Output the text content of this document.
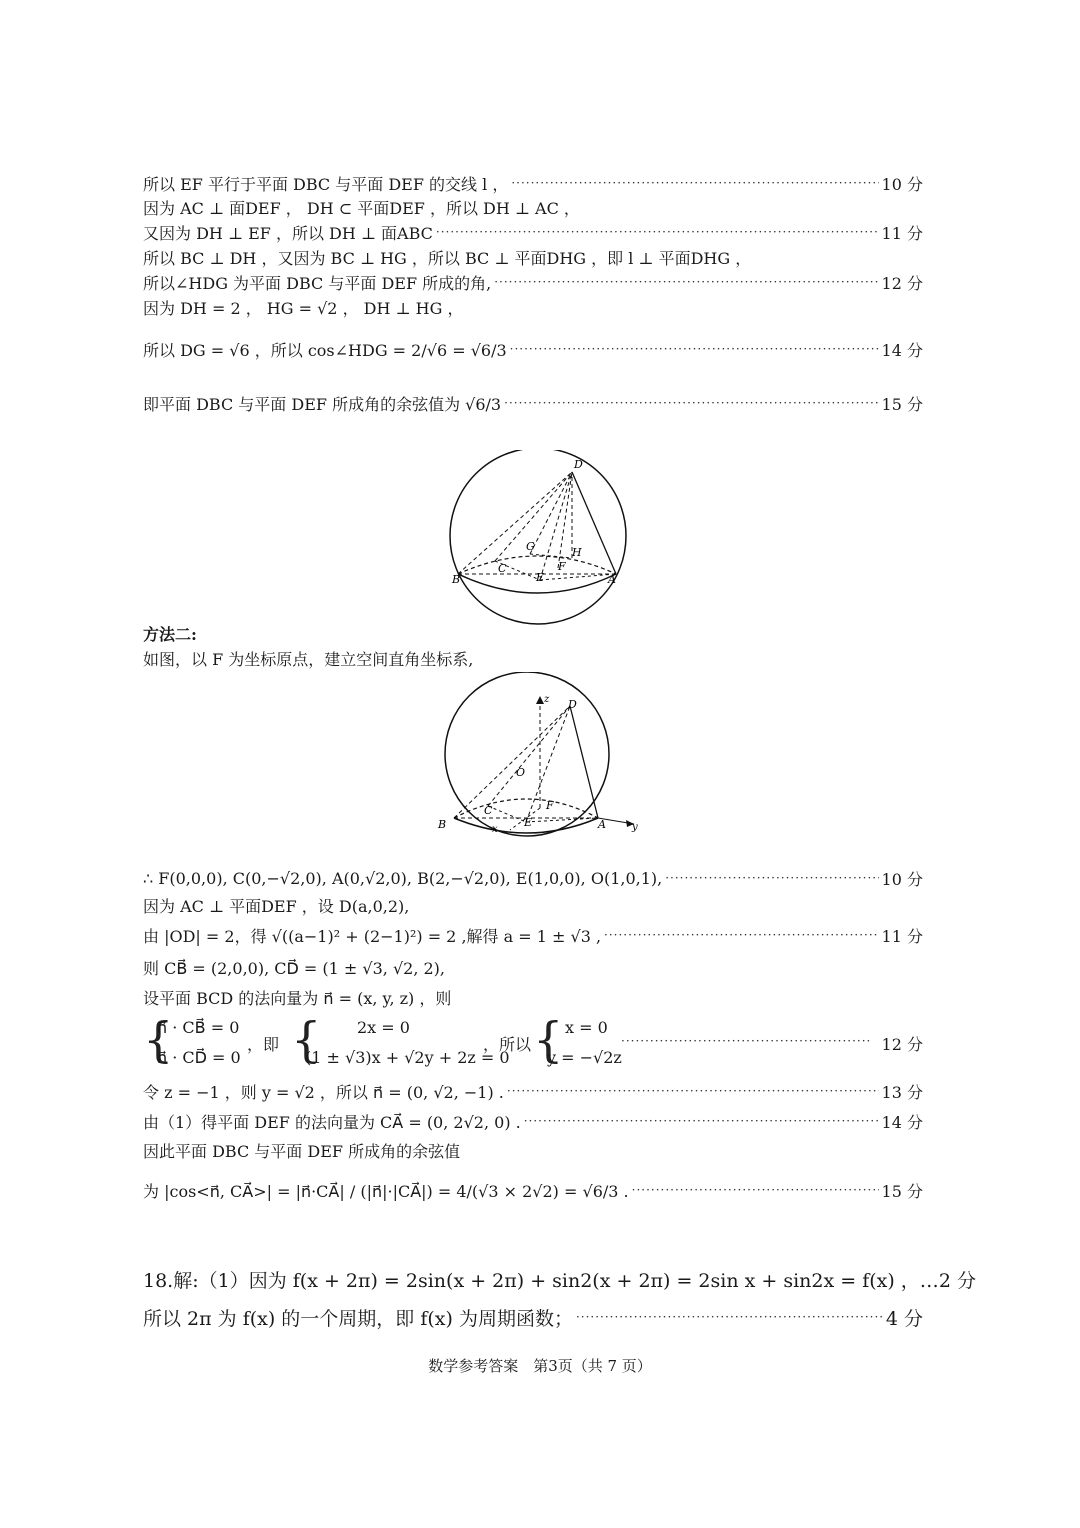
所以 EF 平行于平面 DBC 与平面 DEF 的交线 l ， ·····	10 分
因为 AC ⊥ 面DEF ， DH ⊂ 平面DEF ，所以 DH ⊥ AC ，
又因为 DH ⊥ EF ，所以 DH ⊥ 面ABC ·····	11 分
所以 BC ⊥ DH ，又因为 BC ⊥ HG ，所以 BC ⊥ 平面DHG ，即 l ⊥ 平面DHG ，
所以∠HDG 为平面 DBC 与平面 DEF 所成的角, ·····	12 分
因为 DH = 2 ， HG = √2 ， DH ⊥ HG ，
所以 DG = √6 ，所以 cos∠HDG = 2/√6 = √6/3 ·····	14 分
即平面 DBC 与平面 DEF 所成角的余弦值为 √6/3 ·····	15 分
D
G	H
C	F
E
B	A
方法二:
如图，以 F 为坐标原点，建立空间直角坐标系,
z D
O
C	F
E
B	A
x	y
∴ F(0,0,0), C(0,−√2,0), A(0,√2,0), B(2,−√2,0), E(1,0,0), O(1,0,1), ·····	10 分
因为 AC ⊥ 平面DEF ，设 D(a,0,2),
由 |OD| = 2，得 √((a−1)² + (2−1)²) = 2 ,解得 a = 1 ± √3 , ·····	11 分
则 CB⃗ = (2,0,0), CD⃗ = (1 ± √3, √2, 2),
设平面 BCD 的法向量为 n⃗ = (x, y, z) ，则
{
n⃗ · CB⃗ = 0
n⃗ · CD⃗ = 0
，即 { 2x = 0
(1 ± √3)x + √2y + 2z = 0
，所以 { x = 0
y = −√2z
·····
12 分
令 z = −1 ，则 y = √2 ，所以 n⃗ = (0, √2, −1) . ·····	13 分
由（1）得平面 DEF 的法向量为 CA⃗ = (0, 2√2, 0) . ·····	14 分
因此平面 DBC 与平面 DEF 所成角的余弦值
为 |cos<n⃗, CA⃗>| = |n⃗·CA⃗| / (|n⃗|·|CA⃗|) = 4/(√3 × 2√2) = √6/3 . ·····	15 分
18.解:（1）因为 f(x + 2π) = 2sin(x + 2π) + sin2(x + 2π) = 2sin x + sin2x = f(x) ，… 2 分
所以 2π 为 f(x) 的一个周期，即 f(x) 为周期函数； ·····	4 分
数学参考答案　第3页（共 7 页）
